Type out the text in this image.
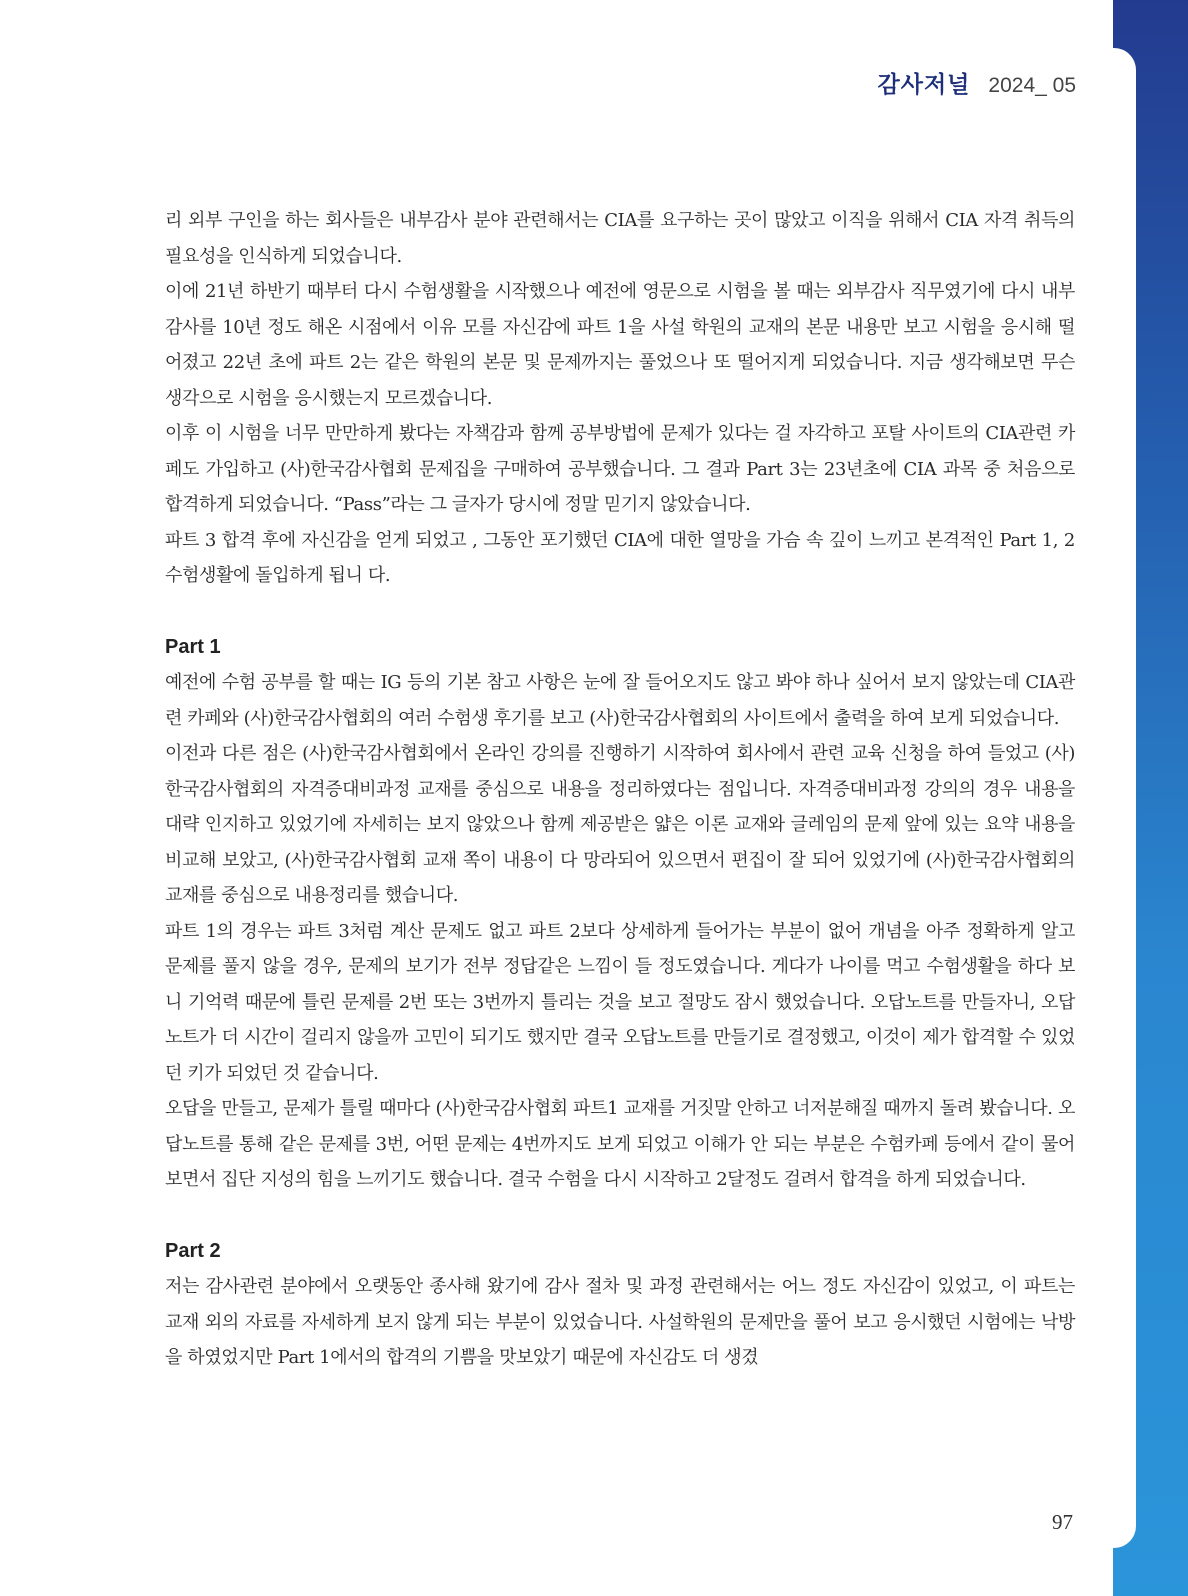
감사저널 2024_ 05

리 외부 구인을 하는 회사들은 내부감사 분야 관련해서는 CIA를 요구하는 곳이 많았고 이직을 위해서 CIA 자격 취득의 필요성을 인식하게 되었습니다.

이에 21년 하반기 때부터 다시 수험생활을 시작했으나 예전에 영문으로 시험을 볼 때는 외부감사 직무였기에 다시 내부감사를 10년 정도 해온 시점에서 이유 모를 자신감에 파트 1을 사설 학원의 교재의 본문 내용만 보고 시험을 응시해 떨어졌고 22년 초에 파트 2는 같은 학원의 본문 및 문제까지는 풀었으나 또 떨어지게 되었습니다. 지금 생각해보면 무슨 생각으로 시험을 응시했는지 모르겠습니다.

이후 이 시험을 너무 만만하게 봤다는 자책감과 함께 공부방법에 문제가 있다는 걸 자각하고 포탈 사이트의 CIA관련 카페도 가입하고 (사)한국감사협회 문제집을 구매하여 공부했습니다. 그 결과 Part 3는 23년초에 CIA 과목 중 처음으로 합격하게 되었습니다. “Pass”라는 그 글자가 당시에 정말 믿기지 않았습니다.

파트 3 합격 후에 자신감을 얻게 되었고 , 그동안 포기했던 CIA에 대한 열망을 가슴 속 깊이 느끼고 본격적인 Part 1, 2 수험생활에 돌입하게 됩니 다.

Part 1

예전에 수험 공부를 할 때는 IG 등의 기본 참고 사항은 눈에 잘 들어오지도 않고 봐야 하나 싶어서 보지 않았는데 CIA관련 카페와 (사)한국감사협회의 여러 수험생 후기를 보고 (사)한국감사협회의 사이트에서 출력을 하여 보게 되었습니다.

이전과 다른 점은 (사)한국감사협회에서 온라인 강의를 진행하기 시작하여 회사에서 관련 교육 신청을 하여 들었고 (사)한국감사협회의 자격증대비과정 교재를 중심으로 내용을 정리하였다는 점입니다. 자격증대비과정 강의의 경우 내용을 대략 인지하고 있었기에 자세히는 보지 않았으나 함께 제공받은 얇은 이론 교재와 글레임의 문제 앞에 있는 요약 내용을 비교해 보았고, (사)한국감사협회 교재 쪽이 내용이 다 망라되어 있으면서 편집이 잘 되어 있었기에 (사)한국감사협회의 교재를 중심으로 내용정리를 했습니다.

파트 1의 경우는 파트 3처럼 계산 문제도 없고 파트 2보다 상세하게 들어가는 부분이 없어 개념을 아주 정확하게 알고 문제를 풀지 않을 경우, 문제의 보기가 전부 정답같은 느낌이 들 정도였습니다. 게다가 나이를 먹고 수험생활을 하다 보니 기억력 때문에 틀린 문제를 2번 또는 3번까지 틀리는 것을 보고 절망도 잠시 했었습니다. 오답노트를 만들자니, 오답노트가 더 시간이 걸리지 않을까 고민이 되기도 했지만 결국 오답노트를 만들기로 결정했고, 이것이 제가 합격할 수 있었던 키가 되었던 것 같습니다.

오답을 만들고, 문제가 틀릴 때마다 (사)한국감사협회 파트1 교재를 거짓말 안하고 너저분해질 때까지 돌려 봤습니다. 오답노트를 통해 같은 문제를 3번, 어떤 문제는 4번까지도 보게 되었고 이해가 안 되는 부분은 수험카페 등에서 같이 물어보면서 집단 지성의 힘을 느끼기도 했습니다. 결국 수험을 다시 시작하고 2달정도 걸려서 합격을 하게 되었습니다.

Part 2

저는 감사관련 분야에서 오랫동안 종사해 왔기에 감사 절차 및 과정 관련해서는 어느 정도 자신감이 있었고, 이 파트는 교재 외의 자료를 자세하게 보지 않게 되는 부분이 있었습니다. 사설학원의 문제만을 풀어 보고 응시했던 시험에는 낙방을 하였었지만 Part 1에서의 합격의 기쁨을 맛보았기 때문에 자신감도 더 생겼

97
